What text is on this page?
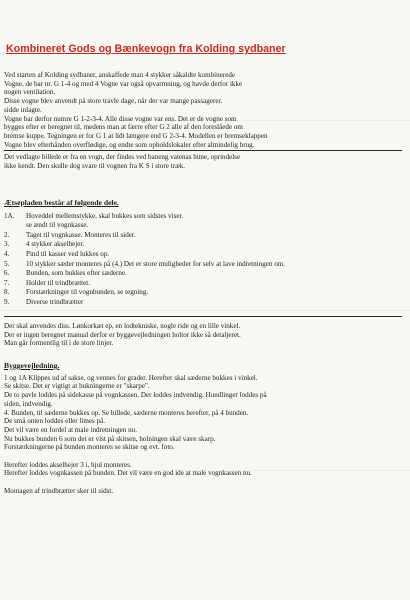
Kombineret Gods og Bænkevogn fra Kolding sydbaner
Ved starten af Kolding sydbaner, anskaffede man 4 stykker såkaldte kombinerede
Vogne, de bar nr. G 1-4 og med 4 Vogne var også opvarmning, og havde derfor ikke
nogen ventilation.
Disse vogne blev anvendt på store travle dage, når der var mange passagerer.
sidde inlagte.
Vogne bar derfor numre G 1-2-3-4. Alle disse vogne var ens. Det er de vogne som
bygges efter er beregnet til, medens man at færre efter G 2 alle af den foreslåede om
bremse kuppe. Tegningen er for G 1 at lidt længere end G 2-3-4. Modellen er bremseklappen
Vogne blev efterhånden overflødige, og endte som opholdslokaler efter almindelig brug.
Det vedlagte billede er fra en vogn, der findes ved baneng vatenas hune, oprindelse
ikke kendt. Den skulle dog svare til vognen fra K S i store træk.
Ætsepladen består af følgende dele.
1A.	Hoveddel mellemstykke, skal bukkes som sidstes viser.
se ændt til vognkasse.
2.	Taget til vognkasse. Monteres til sider.
3.	4 stykker akselhejer.
4.	Pind til kasser ved lukkes op.
5.	10 stykker sæder monteres på (4.) Det er store muligheder for selv at lave indretningen om.
6.	Bunden, som bukkes efter sæderne.
7.	Holder til trindbrættet.
8.	Forstærkninger til vognbunden, se tegning.
9.	Diverse trindbrætter
Der skal anvendes diss. Lønkorkæt ep, en lodtekniske, nogle ride og en lille vinkel.
Der er ingen beregnet manual derfor er byggevejledningen holtor ikke så detaljeret.
Man går formentlig til i de store linjer.
Byggevejledning.
1 og 1A Klippes ud af sakse, og vennes for grader. Herefter skal sæderne bukkes i vinkel.
Se skitse. Det er vigtigt at bukningerne er "skarpe".
De to pavle loddes på sidekasse på vognkassen. Der loddes indvendig. Hundlinger loddes på
siden, indvendig.
4. Bunden, til sæderne bukkes op. Se billede, sæderne monteres herefter, på 4 bunden.
De små onten loddes eller limes på.
Det vil være en fordel at male indretningen nu.
Nu bukkes bunden 6 som det er vist på skitsen, holningen skal være skarp.
Forstærkningerne på bunden monteres se skitse og evt. foto.
Herefter loddes akselhejer 3 i, hjul monteres.
Herefter loddes vognkassen på bunden. Det vil være en god ide at male vognkassen nu.
Moutagen af trindbrætter sker til sidst.
